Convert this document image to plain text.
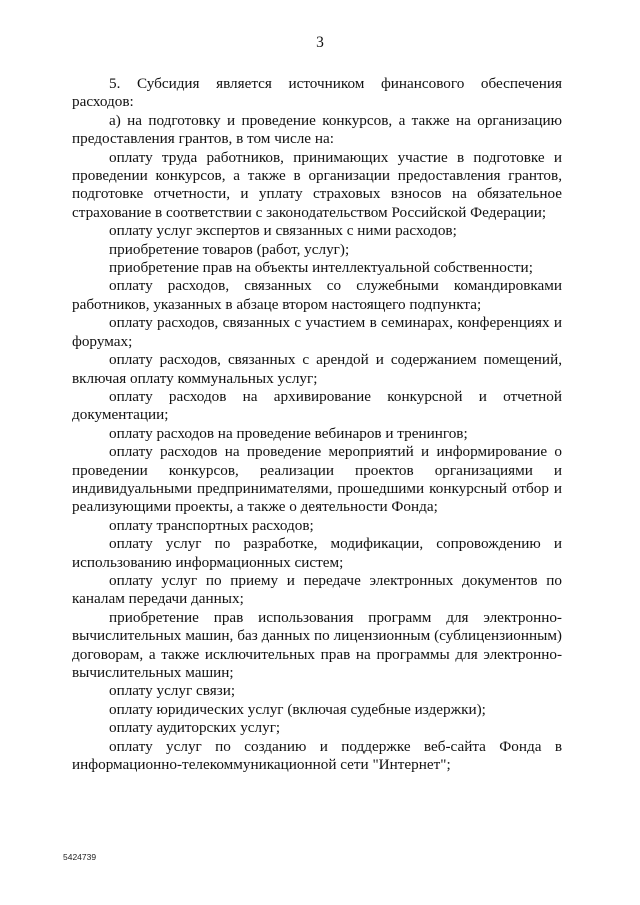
3

5. Субсидия является источником финансового обеспечения расходов:

а) на подготовку и проведение конкурсов, а также на организацию предоставления грантов, в том числе на:

оплату труда работников, принимающих участие в подготовке и проведении конкурсов, а также в организации предоставления грантов, подготовке отчетности, и уплату страховых взносов на обязательное страхование в соответствии с законодательством Российской Федерации;

оплату услуг экспертов и связанных с ними расходов;

приобретение товаров (работ, услуг);

приобретение прав на объекты интеллектуальной собственности;

оплату расходов, связанных со служебными командировками работников, указанных в абзаце втором настоящего подпункта;

оплату расходов, связанных с участием в семинарах, конференциях и форумах;

оплату расходов, связанных с арендой и содержанием помещений, включая оплату коммунальных услуг;

оплату расходов на архивирование конкурсной и отчетной документации;

оплату расходов на проведение вебинаров и тренингов;

оплату расходов на проведение мероприятий и информирование о проведении конкурсов, реализации проектов организациями и индивидуальными предпринимателями, прошедшими конкурсный отбор и реализующими проекты, а также о деятельности Фонда;

оплату транспортных расходов;

оплату услуг по разработке, модификации, сопровождению и использованию информационных систем;

оплату услуг по приему и передаче электронных документов по каналам передачи данных;

приобретение прав использования программ для электронно-вычислительных машин, баз данных по лицензионным (сублицензионным) договорам, а также исключительных прав на программы для электронно-вычислительных машин;

оплату услуг связи;

оплату юридических услуг (включая судебные издержки);

оплату аудиторских услуг;

оплату услуг по созданию и поддержке веб-сайта Фонда в информационно-телекоммуникационной сети "Интернет";

5424739
